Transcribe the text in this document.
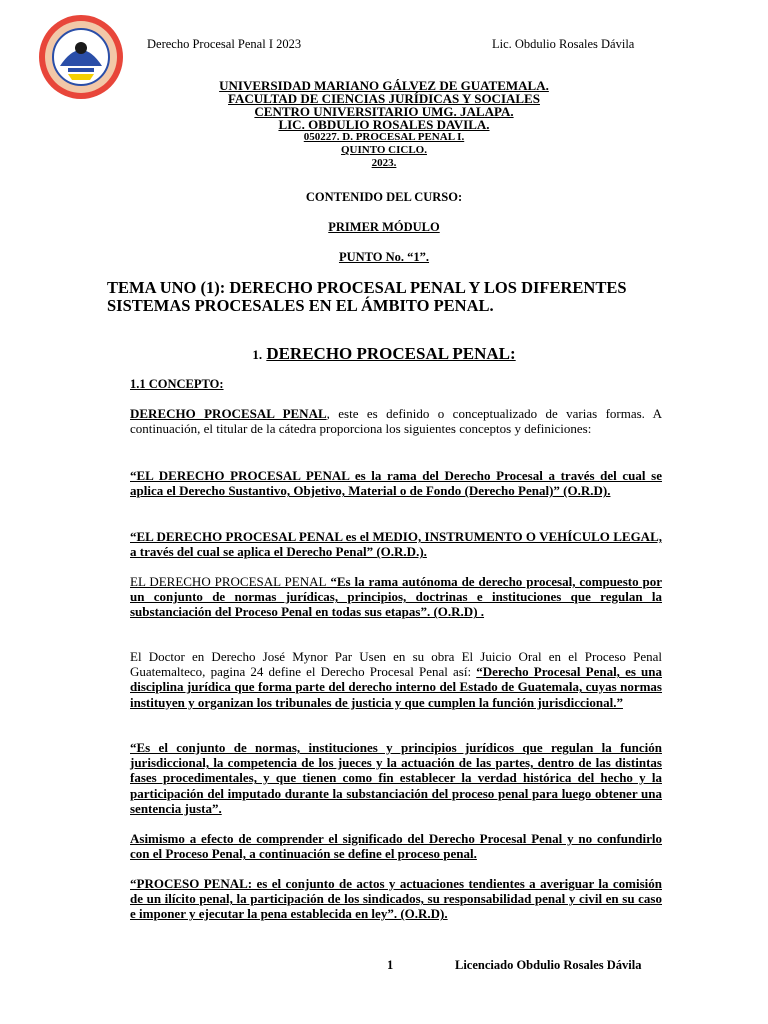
Derecho Procesal Penal I 2023	Lic. Obdulio Rosales Dávila

UNIVERSIDAD MARIANO GÁLVEZ DE GUATEMALA.

FACULTAD DE CIENCIAS JURÍDICAS Y SOCIALES

CENTRO UNIVERSITARIO UMG. JALAPA.

LIC. OBDULIO ROSALES DAVILA.

050227. D. PROCESAL PENAL I.

QUINTO CICLO.

2023.

CONTENIDO DEL CURSO:
PRIMER MÓDULO
PUNTO No. “1”.
TEMA UNO (1): DERECHO PROCESAL PENAL Y LOS DIFERENTES SISTEMAS PROCESALES EN EL ÁMBITO PENAL.
1. DERECHO PROCESAL PENAL:
1.1 CONCEPTO:
DERECHO PROCESAL PENAL, este es definido o conceptualizado de varias formas. A continuación, el titular de la cátedra proporciona los siguientes conceptos y definiciones:
“EL DERECHO PROCESAL PENAL es la rama del Derecho Procesal a través del cual se aplica el Derecho Sustantivo, Objetivo, Material o de Fondo (Derecho Penal)” (O.R.D).
“EL DERECHO PROCESAL PENAL es el MEDIO, INSTRUMENTO O VEHÍCULO LEGAL, a través del cual se aplica el Derecho Penal” (O.R.D.).
EL DERECHO PROCESAL PENAL “Es la rama autónoma de derecho procesal, compuesto por un conjunto de normas jurídicas, principios, doctrinas e instituciones que regulan la substanciación del Proceso Penal en todas sus etapas”. (O.R.D) .
El Doctor en Derecho José Mynor Par Usen en su obra El Juicio Oral en el Proceso Penal Guatemalteco, pagina 24 define el Derecho Procesal Penal así: “Derecho Procesal Penal, es una disciplina jurídica que forma parte del derecho interno del Estado de Guatemala, cuyas normas instituyen y organizan los tribunales de justicia y que cumplen la función jurisdiccional.”
“Es el conjunto de normas, instituciones y principios jurídicos que regulan la función jurisdiccional, la competencia de los jueces y la actuación de las partes, dentro de las distintas fases procedimentales, y que tienen como fin establecer la verdad histórica del hecho y la participación del imputado durante la substanciación del proceso penal para luego obtener una sentencia justa”.
Asimismo a efecto de comprender el significado del Derecho Procesal Penal y no confundirlo con el Proceso Penal, a continuación se define el proceso penal.
“PROCESO PENAL: es el conjunto de actos y actuaciones tendientes a averiguar la comisión de un ilícito penal, la participación de los sindicados, su responsabilidad penal y civil en su caso e imponer y ejecutar la pena establecida en ley”. (O.R.D).
1	Licenciado Obdulio Rosales Dávila
